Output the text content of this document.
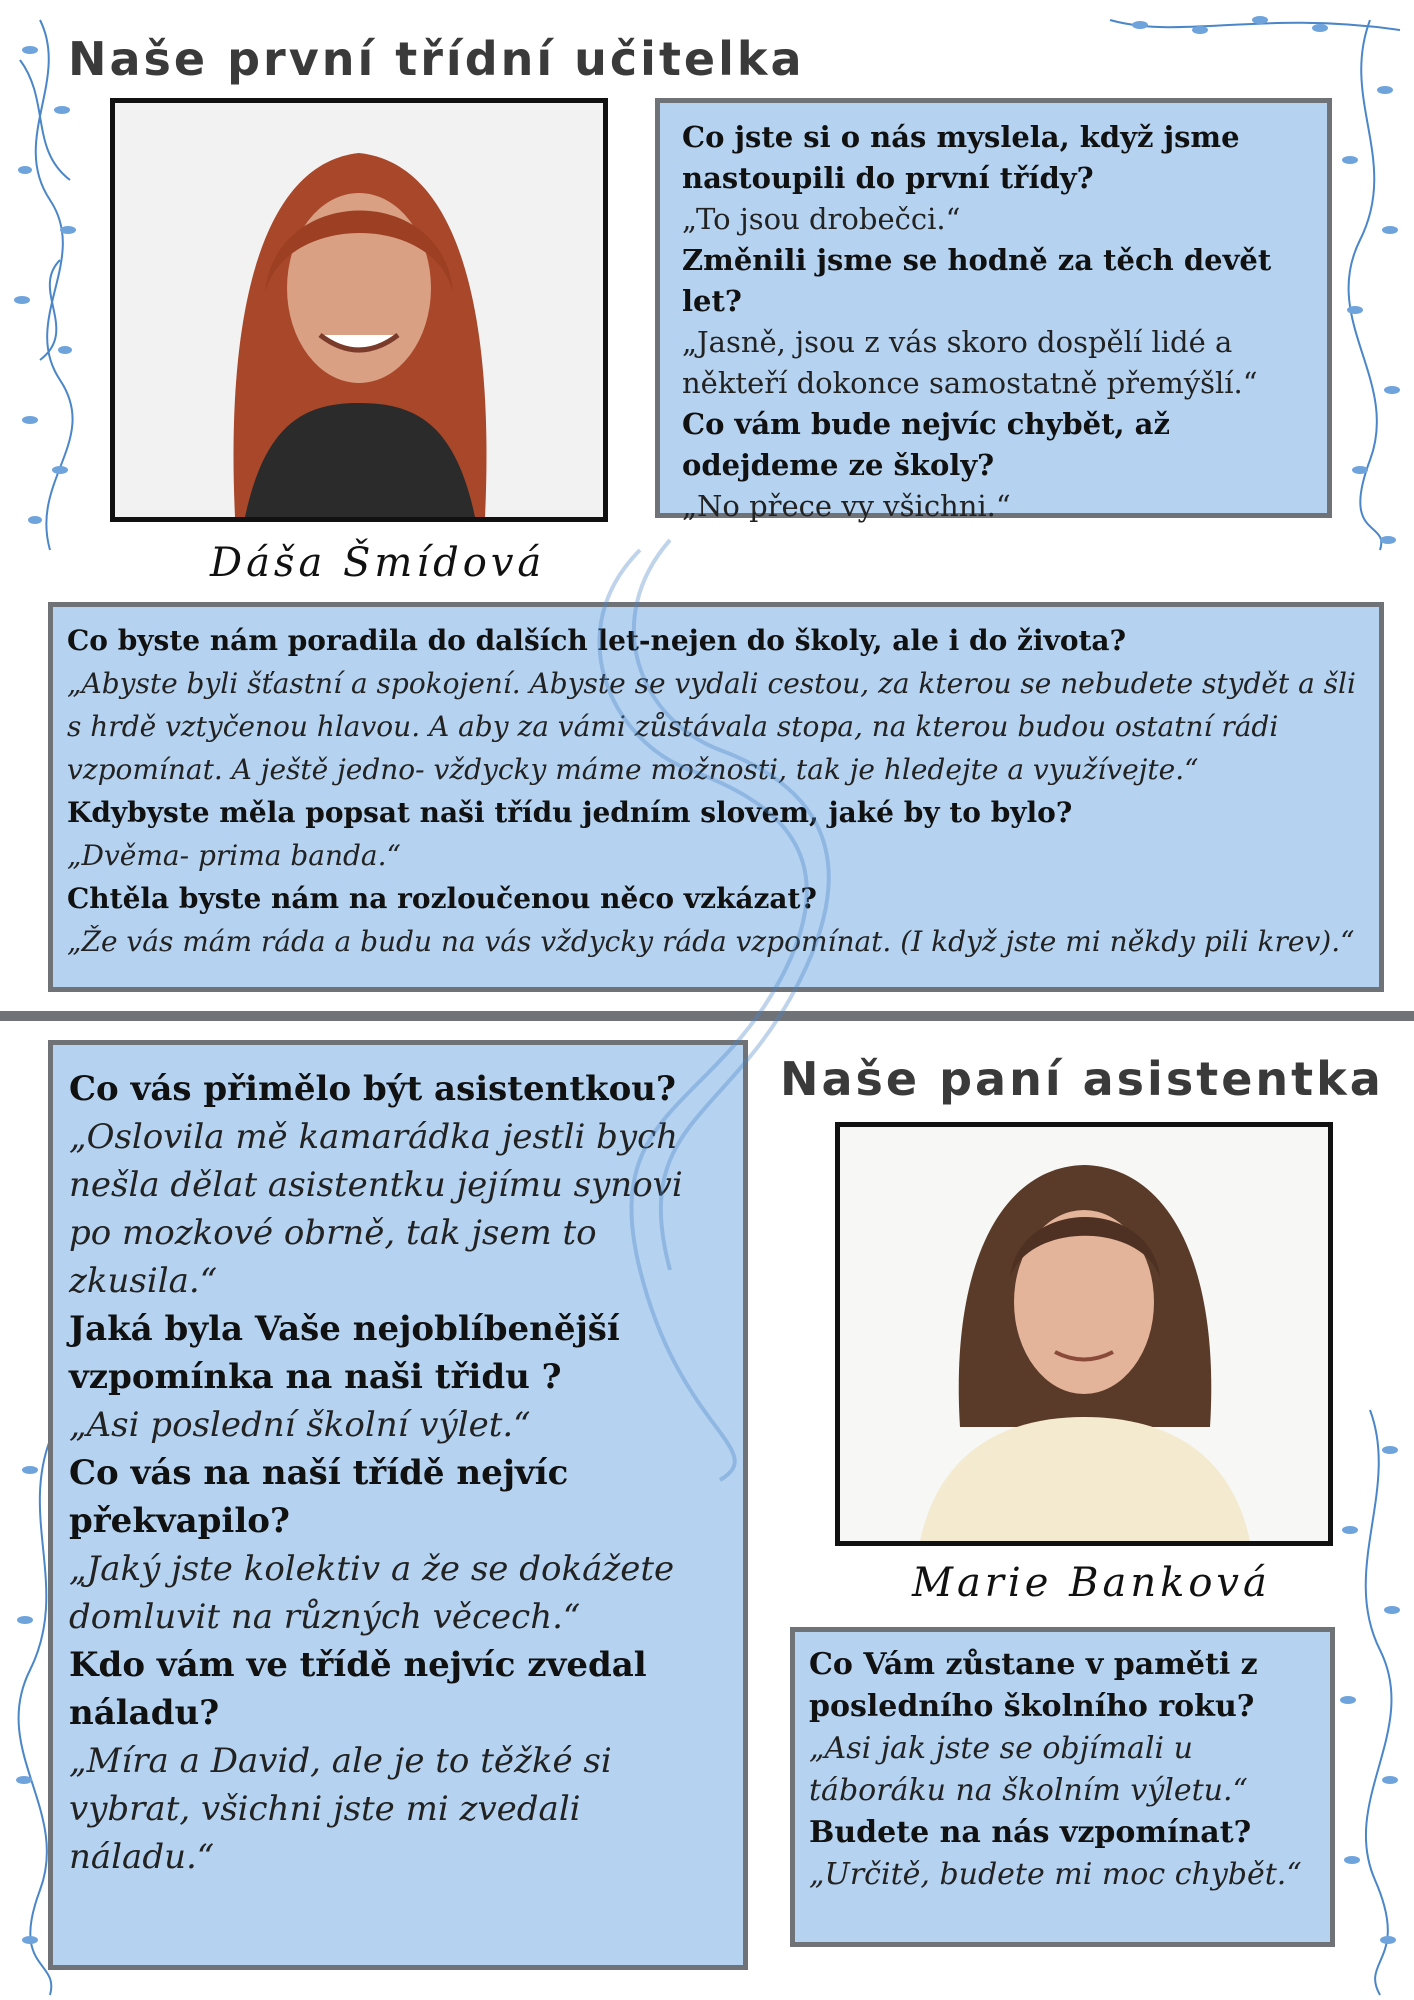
Naše první třídní učitelka
Dáša Šmídová
Co jste si o nás myslela, když jsme nastoupili do první třídy?
„To jsou drobečci.“
Změnili jsme se hodně za těch devět let?
„Jasně, jsou z vás skoro dospělí lidé a někteří dokonce samostatně přemýšlí.“
Co vám bude nejvíc chybět, až odejdeme ze školy?
„No přece vy všichni.“
Co byste nám poradila do dalších let-nejen do školy, ale i do života?
„Abyste byli šťastní a spokojení. Abyste se vydali cestou, za kterou se nebudete stydět a šli s hrdě vztyčenou hlavou. A aby za vámi zůstávala stopa, na kterou budou ostatní rádi vzpomínat. A ještě jedno- vždycky máme možnosti, tak je hledejte a využívejte.“
Kdybyste měla popsat naši třídu jedním slovem, jaké by to bylo?
„Dvěma- prima banda.“
Chtěla byste nám na rozloučenou něco vzkázat?
„Že vás mám ráda a budu na vás vždycky ráda vzpomínat. (I když jste mi někdy pili krev).“
Co vás přimělo být asistentkou?
„Oslovila mě kamarádka jestli bych nešla dělat asistentku jejímu synovi po mozkové obrně, tak jsem to zkusila.“
Jaká byla Vaše nejoblíbenější vzpomínka na naši třidu ?
„Asi poslední školní výlet.“
Co vás na naší třídě nejvíc překvapilo?
„Jaký jste kolektiv a že se dokážete domluvit na různých věcech.“
Kdo vám ve třídě nejvíc zvedal náladu?
„Míra a David, ale je to těžké si vybrat, všichni jste mi zvedali náladu.“
Naše paní asistentka
Marie Banková
Co Vám zůstane v paměti z posledního školního roku?
„Asi jak jste se objímali u táboráku na školním výletu.“
Budete na nás vzpomínat?
„Určitě, budete mi moc chybět.“
